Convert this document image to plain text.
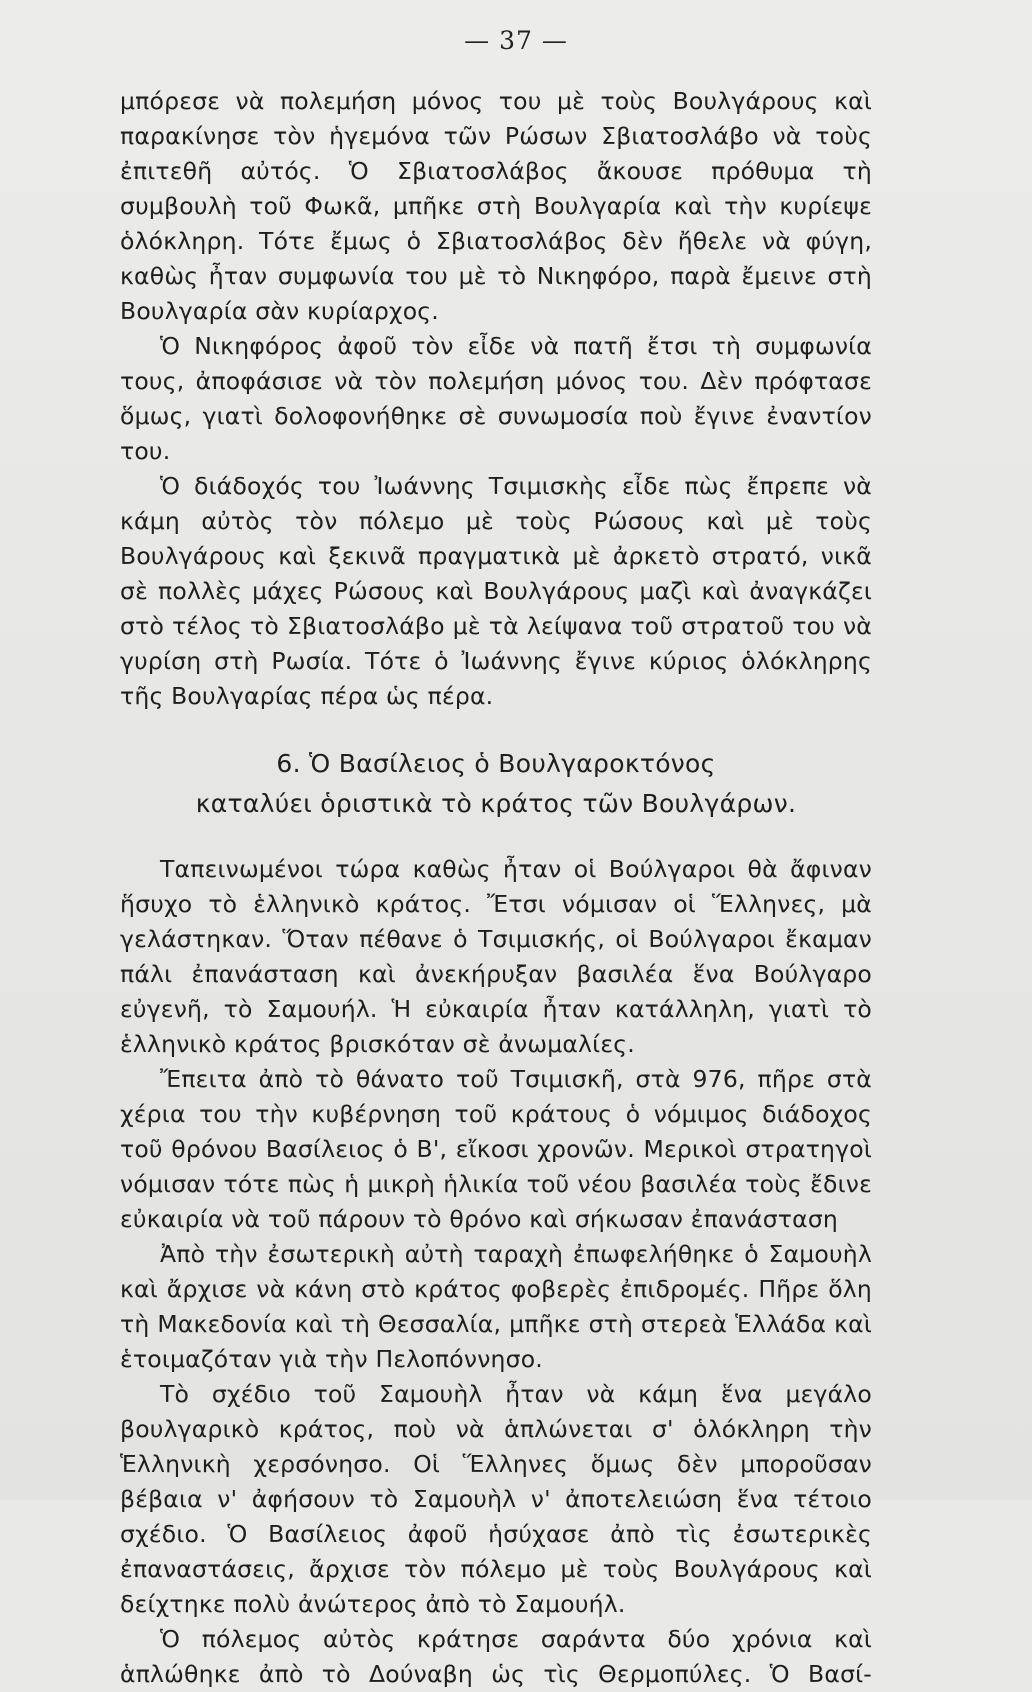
— 37 —

μπόρεσε νὰ πολεμήση μόνος του μὲ τοὺς Βουλγάρους καὶ παρακίνησε τὸν ἡγεμόνα τῶν Ρώσων Σβιατοσλάβο νὰ τοὺς ἐπιτεθῆ αὐτός. Ὁ Σβιατοσλάβος ἄκουσε πρόθυμα τὴ συμβουλὴ τοῦ Φωκᾶ, μπῆκε στὴ Βουλγαρία καὶ τὴν κυρίεψε ὁλόκληρη. Τότε ἔμως ὁ Σβιατοσλάβος δὲν ἤθελε νὰ φύγη, καθὼς ἦταν συμφωνία του μὲ τὸ Νικηφόρο, παρὰ ἔμεινε στὴ Βουλγαρία σὰν κυρίαρχος.

Ὁ Νικηφόρος ἀφοῦ τὸν εἶδε νὰ πατῆ ἔτσι τὴ συμφωνία τους, ἀποφάσισε νὰ τὸν πολεμήση μόνος του. Δὲν πρόφτασε ὅμως, γιατὶ δολοφονήθηκε σὲ συνωμοσία ποὺ ἔγινε ἐναντίον του.

Ὁ διάδοχός του Ἰωάννης Τσιμισκὴς εἶδε πὼς ἔπρεπε νὰ κάμη αὐτὸς τὸν πόλεμο μὲ τοὺς Ρώσους καὶ μὲ τοὺς Βουλγάρους καὶ ξεκινᾶ πραγματικὰ μὲ ἀρκετὸ στρατό, νικᾶ σὲ πολλὲς μάχες Ρώσους καὶ Βουλγάρους μαζὶ καὶ ἀναγκάζει στὸ τέλος τὸ Σβιατοσλάβο μὲ τὰ λείψανα τοῦ στρατοῦ του νὰ γυρίση στὴ Ρωσία. Τότε ὁ Ἰωάννης ἔγινε κύριος ὁλόκληρης τῆς Βουλγαρίας πέρα ὡς πέρα.

6. Ὁ Βασίλειος ὁ Βουλγαροκτόνος
καταλύει ὁριστικὰ τὸ κράτος τῶν Βουλγάρων.

Ταπεινωμένοι τώρα καθὼς ἦταν οἱ Βούλγαροι θὰ ἄφιναν ἥσυχο τὸ ἑλληνικὸ κράτος. Ἔτσι νόμισαν οἱ Ἕλληνες, μὰ γελάστηκαν. Ὅταν πέθανε ὁ Τσιμισκής, οἱ Βούλγαροι ἔκαμαν πάλι ἐπανάσταση καὶ ἀνεκήρυξαν βασιλέα ἕνα Βούλγαρο εὐγενῆ, τὸ Σαμουήλ. Ἡ εὐκαιρία ἦταν κατάλληλη, γιατὶ τὸ ἑλληνικὸ κράτος βρισκόταν σὲ ἀνωμαλίες.

Ἔπειτα ἀπὸ τὸ θάνατο τοῦ Τσιμισκῆ, στὰ 976, πῆρε στὰ χέρια του τὴν κυβέρνηση τοῦ κράτους ὁ νόμιμος διάδοχος τοῦ θρόνου Βασίλειος ὁ Β', εἴκοσι χρονῶν. Μερικοὶ στρατηγοὶ νόμισαν τότε πὼς ἡ μικρὴ ἡλικία τοῦ νέου βασιλέα τοὺς ἔδινε εὐκαιρία νὰ τοῦ πάρουν τὸ θρόνο καὶ σήκωσαν ἐπανάσταση

Ἀπὸ τὴν ἐσωτερικὴ αὐτὴ ταραχὴ ἐπωφελήθηκε ὁ Σαμουὴλ καὶ ἄρχισε νὰ κάνη στὸ κράτος φοβερὲς ἐπιδρομές. Πῆρε ὅλη τὴ Μακεδονία καὶ τὴ Θεσσαλία, μπῆκε στὴ στερεὰ Ἑλλάδα καὶ ἑτοιμαζόταν γιὰ τὴν Πελοπόννησο.

Τὸ σχέδιο τοῦ Σαμουὴλ ἦταν νὰ κάμη ἕνα μεγάλο βουλγαρικὸ κράτος, ποὺ νὰ ἁπλώνεται σ' ὁλόκληρη τὴν Ἑλληνικὴ χερσόνησο. Οἱ Ἕλληνες ὅμως δὲν μποροῦσαν βέβαια ν' ἀφήσουν τὸ Σαμουὴλ ν' ἀποτελειώση ἕνα τέτοιο σχέδιο. Ὁ Βασίλειος ἀφοῦ ἡσύχασε ἀπὸ τὶς ἐσωτερικὲς ἐπαναστάσεις, ἄρχισε τὸν πόλεμο μὲ τοὺς Βουλγάρους καὶ δείχτηκε πολὺ ἀνώτερος ἀπὸ τὸ Σαμουήλ.

Ὁ πόλεμος αὐτὸς κράτησε σαράντα δύο χρόνια καὶ ἁπλώθηκε ἀπὸ τὸ Δούναβη ὡς τὶς Θερμοπύλες. Ὁ Βασί-
